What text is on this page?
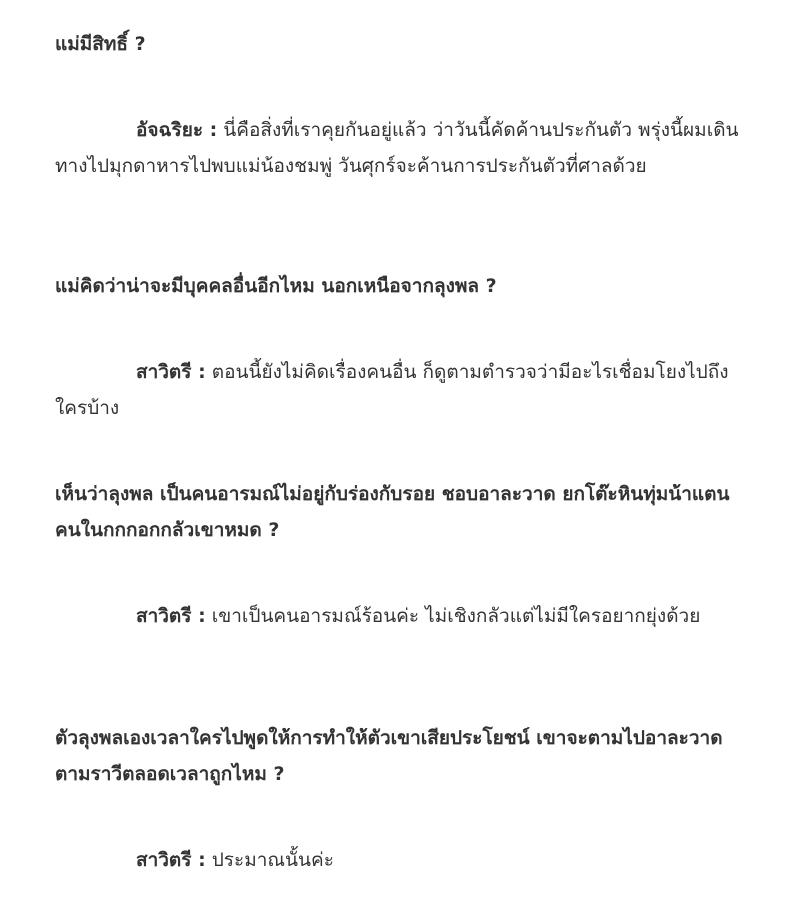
แม่มีสิทธิ์ ?

อัจฉริยะ : นี่คือสิ่งที่เราคุยกันอยู่แล้ว ว่าวันนี้คัดค้านประกันตัว พรุ่งนี้ผมเดินทางไปมุกดาหารไปพบแม่น้องชมพู่ วันศุกร์จะค้านการประกันตัวที่ศาลด้วย

แม่คิดว่าน่าจะมีบุคคลอื่นอีกไหม นอกเหนือจากลุงพล ?

สาวิตรี : ตอนนี้ยังไม่คิดเรื่องคนอื่น ก็ดูตามตำรวจว่ามีอะไรเชื่อมโยงไปถึงใครบ้าง

เห็นว่าลุงพล เป็นคนอารมณ์ไม่อยู่กับร่องกับรอย ชอบอาละวาด ยกโต๊ะหินทุ่มน้าแตน คนในกกกอกกลัวเขาหมด ?

สาวิตรี : เขาเป็นคนอารมณ์ร้อนค่ะ ไม่เชิงกลัวแต่ไม่มีใครอยากยุ่งด้วย

ตัวลุงพลเองเวลาใครไปพูดให้การทำให้ตัวเขาเสียประโยชน์ เขาจะตามไปอาละวาด ตามราวีตลอดเวลาถูกไหม ?

สาวิตรี : ประมาณนั้นค่ะ
